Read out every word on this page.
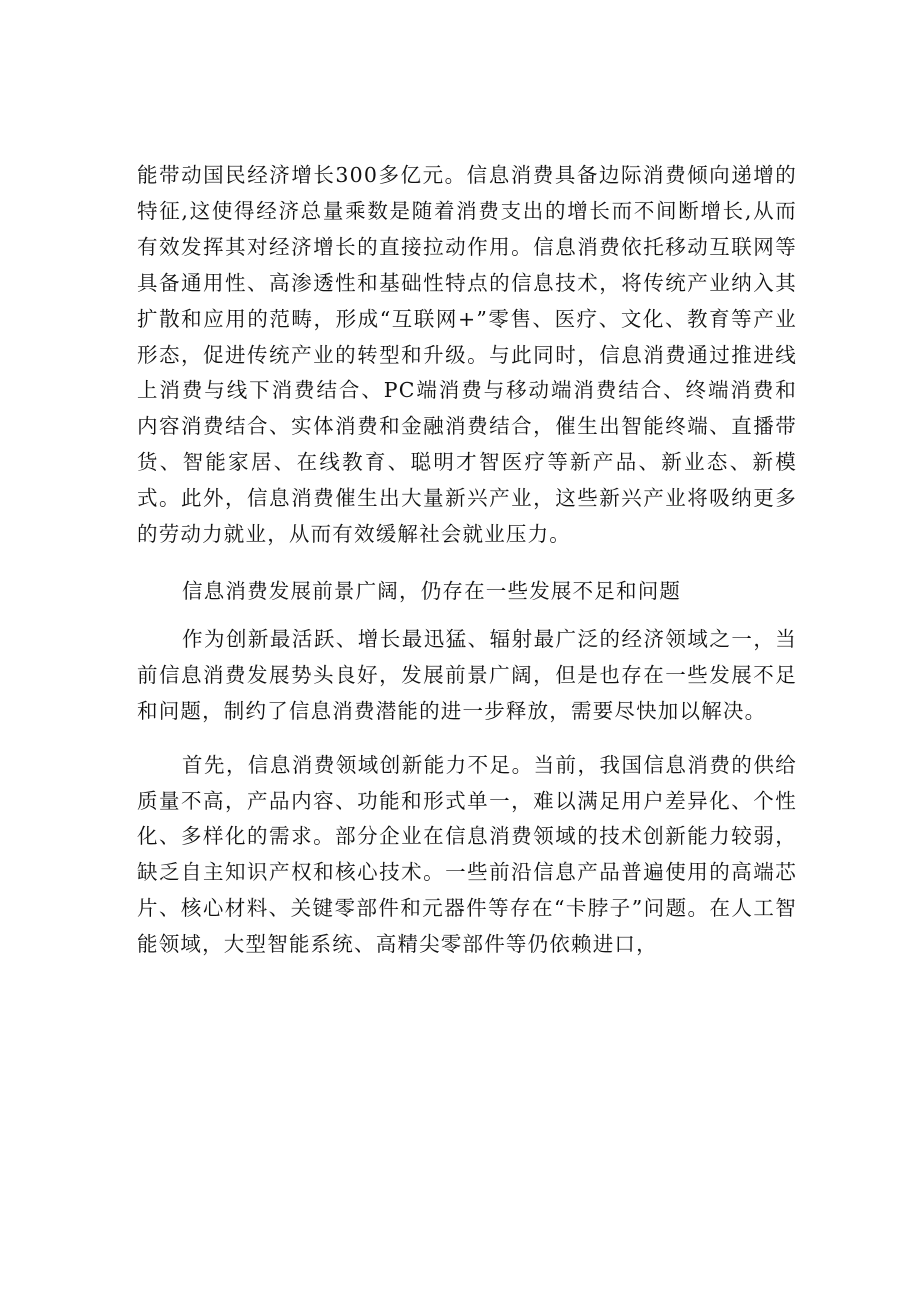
能带动国民经济增长300多亿元。信息消费具备边际消费倾向递增的特征,这使得经济总量乘数是随着消费支出的增长而不间断增长,从而有效发挥其对经济增长的直接拉动作用。信息消费依托移动互联网等具备通用性、高渗透性和基础性特点的信息技术，将传统产业纳入其扩散和应用的范畴，形成“互联网+”零售、医疗、文化、教育等产业形态，促进传统产业的转型和升级。与此同时，信息消费通过推进线上消费与线下消费结合、PC端消费与移动端消费结合、终端消费和内容消费结合、实体消费和金融消费结合，催生出智能终端、直播带货、智能家居、在线教育、聪明才智医疗等新产品、新业态、新模式。此外，信息消费催生出大量新兴产业，这些新兴产业将吸纳更多的劳动力就业，从而有效缓解社会就业压力。

信息消费发展前景广阔，仍存在一些发展不足和问题

作为创新最活跃、增长最迅猛、辐射最广泛的经济领域之一，当前信息消费发展势头良好，发展前景广阔，但是也存在一些发展不足和问题，制约了信息消费潜能的进一步释放，需要尽快加以解决。

首先，信息消费领域创新能力不足。当前，我国信息消费的供给质量不高，产品内容、功能和形式单一，难以满足用户差异化、个性化、多样化的需求。部分企业在信息消费领域的技术创新能力较弱，缺乏自主知识产权和核心技术。一些前沿信息产品普遍使用的高端芯片、核心材料、关键零部件和元器件等存在“卡脖子”问题。在人工智能领域，大型智能系统、高精尖零部件等仍依赖进口，
